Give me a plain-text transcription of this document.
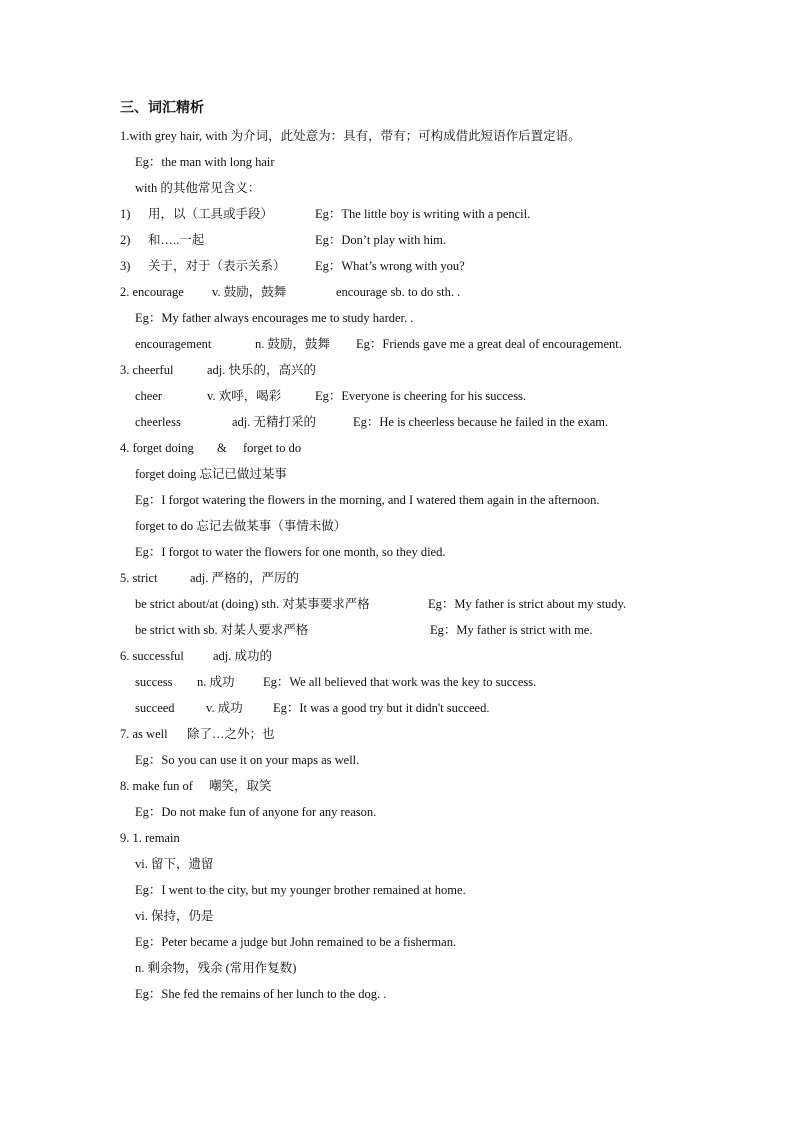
三、词汇精析
1.with grey hair, with 为介词，此处意为：具有，带有；可构成借此短语作后置定语。
Eg：the man with long hair
with 的其他常见含义：
1) 用，以（工具或手段）	Eg：The little boy is writing with a pencil.
2) 和…..一起	Eg：Don’t play with him.
3) 关于，对于（表示关系） Eg：What’s wrong with you?
2. encourage v. 鼓励，鼓舞	encourage sb. to do sth. .
Eg：My father always encourages me to study harder. .
encouragement	n. 鼓励，鼓舞 Eg：Friends gave me a great deal of encouragement.
3. cheerful	adj. 快乐的，高兴的
cheer	v. 欢呼，喝彩	Eg：Everyone is cheering for his success.
cheerless	adj. 无精打采的	Eg：He is cheerless because he failed in the exam.
4. forget doing & forget to do
forget doing 忘记已做过某事
Eg：I forgot watering the flowers in the morning, and I watered them again in the afternoon.
forget to do 忘记去做某事（事情未做）
Eg：I forgot to water the flowers for one month, so they died.
5. strict	adj. 严格的，严厉的
be strict about/at (doing) sth. 对某事要求严格	Eg：My father is strict about my study.
be strict with sb. 对某人要求严格	Eg：My father is strict with me.
6. successful adj. 成功的
success n. 成功 Eg：We all believed that work was the key to success.
succeed	v. 成功 Eg：It was a good try but it didn't succeed.
7. as well 除了…之外；也
Eg：So you can use it on your maps as well.
8. make fun of 嘲笑，取笑
Eg：Do not make fun of anyone for any reason.
9. 1. remain
vi. 留下，遗留
Eg：I went to the city, but my younger brother remained at home.
vi. 保持，仍是
Eg：Peter became a judge but John remained to be a fisherman.
n. 剩余物，残余 (常用作复数)
Eg：She fed the remains of her lunch to the dog. .
